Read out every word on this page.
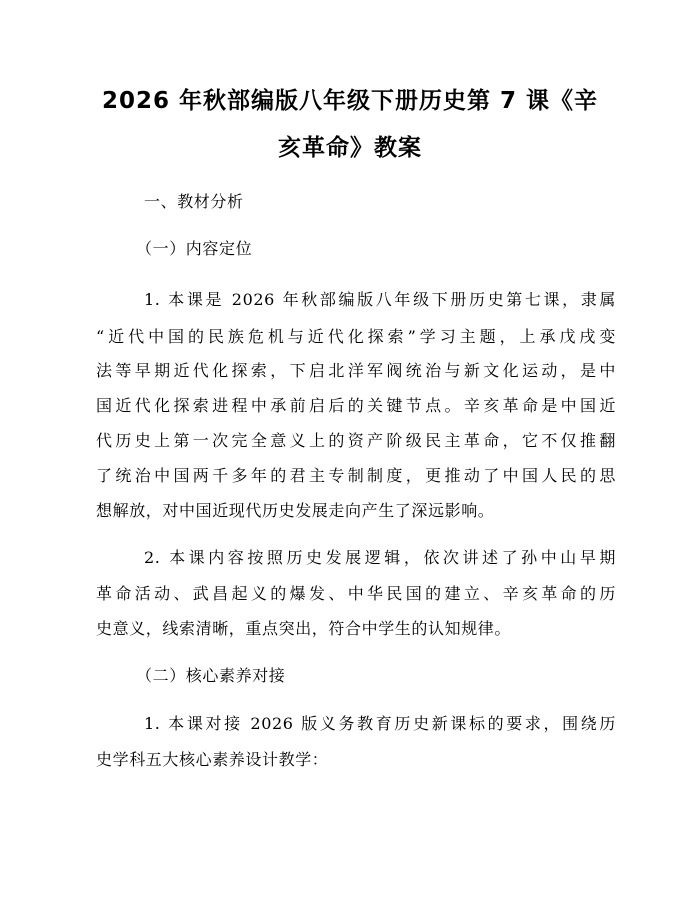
2026 年秋部编版八年级下册历史第 7 课《辛
亥革命》教案
一、教材分析
（一）内容定位
1. 本课是 2026 年秋部编版八年级下册历史第七课，隶属
“近代中国的民族危机与近代化探索”学习主题，上承戊戌变
法等早期近代化探索，下启北洋军阀统治与新文化运动，是中
国近代化探索进程中承前启后的关键节点。辛亥革命是中国近
代历史上第一次完全意义上的资产阶级民主革命，它不仅推翻
了统治中国两千多年的君主专制制度，更推动了中国人民的思
想解放，对中国近现代历史发展走向产生了深远影响。
2. 本课内容按照历史发展逻辑，依次讲述了孙中山早期
革命活动、武昌起义的爆发、中华民国的建立、辛亥革命的历
史意义，线索清晰，重点突出，符合中学生的认知规律。
（二）核心素养对接
1. 本课对接 2026 版义务教育历史新课标的要求，围绕历
史学科五大核心素养设计教学：
